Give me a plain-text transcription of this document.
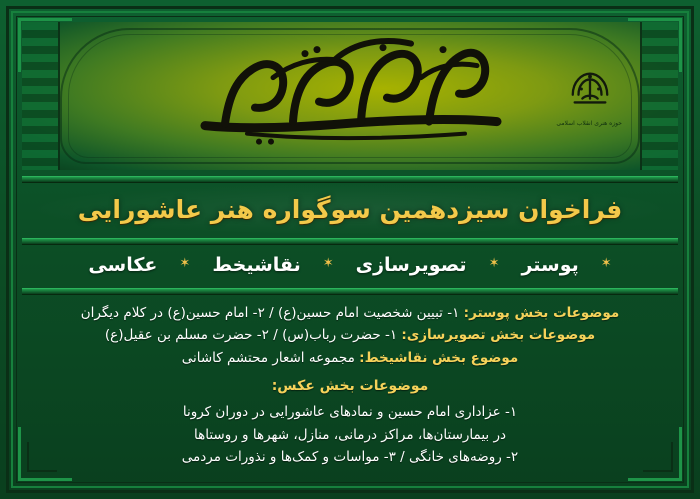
حوزه هنری انقلاب اسلامی
فراخوان سیزدهمین سوگواره هنر عاشورایی
✶
پوستر
✶
تصویرسازی
✶
نقاشیخط
✶
عکاسی
موضوعات بخش پوستر: ۱- تبیین شخصیت امام حسین(ع) / ۲- امام حسین(ع) در کلام دیگران
موضوعات بخش تصویرسازی: ۱- حضرت رباب(س) / ۲- حضرت مسلم بن عقیل(ع)
موضوع بخش نقاشیخط: مجموعه اشعار محتشم کاشانی
موضوعات بخش عکس:
۱- عزاداری امام حسین و نمادهای عاشورایی در دوران کرونا
در بیمارستان‌ها، مراکز درمانی، منازل، شهرها و روستاها
۲- روضه‌های خانگی / ۳- مواسات و کمک‌ها و نذورات مردمی
